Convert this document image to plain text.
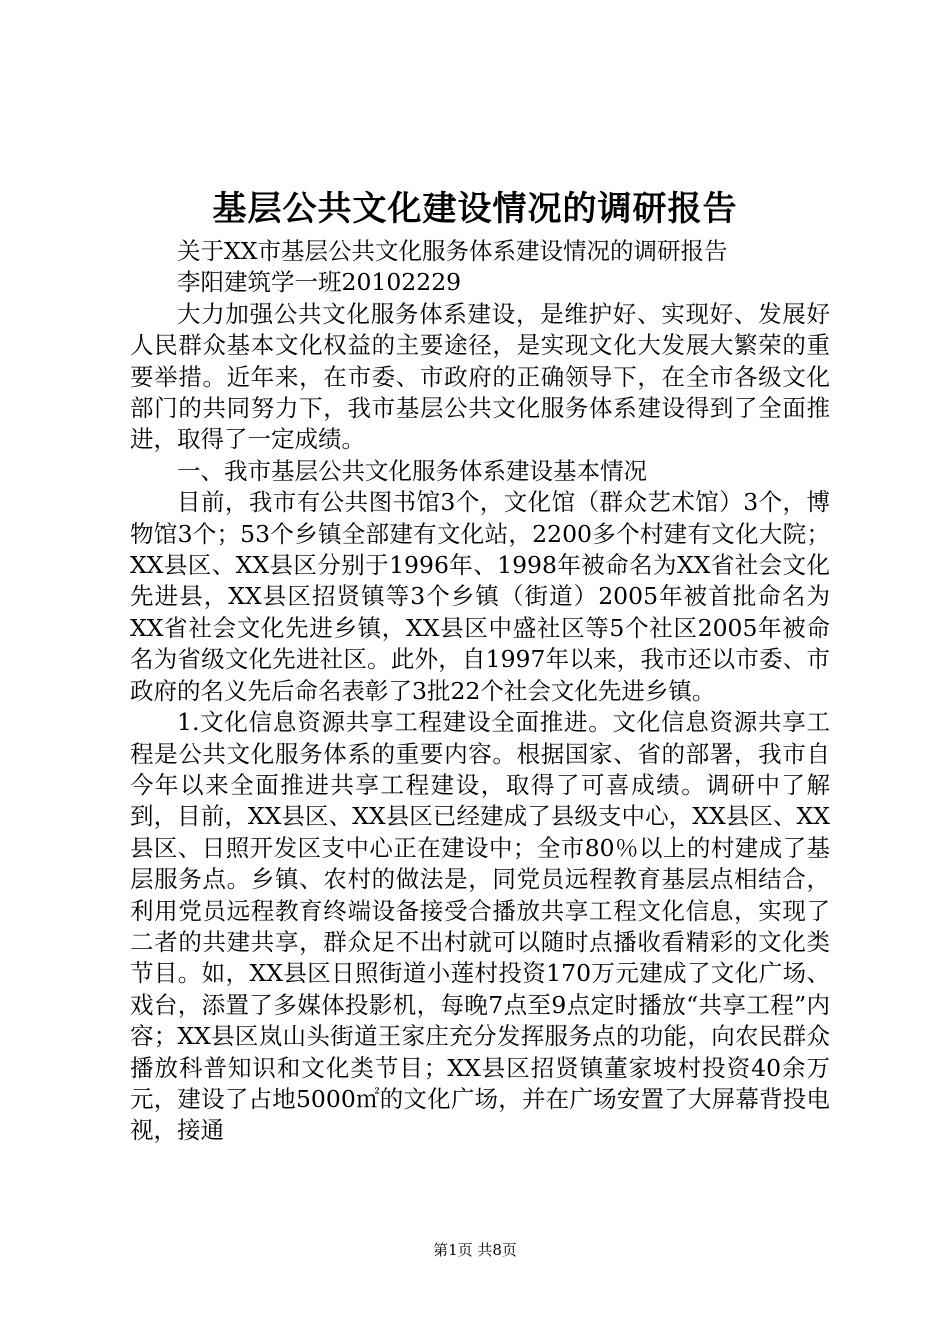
基层公共文化建设情况的调研报告

关于XX市基层公共文化服务体系建设情况的调研报告

李阳建筑学一班20102229

大力加强公共文化服务体系建设，是维护好、实现好、发展好人民群众基本文化权益的主要途径，是实现文化大发展大繁荣的重要举措。近年来，在市委、市政府的正确领导下，在全市各级文化部门的共同努力下，我市基层公共文化服务体系建设得到了全面推进，取得了一定成绩。

一、我市基层公共文化服务体系建设基本情况

目前，我市有公共图书馆3个，文化馆（群众艺术馆）3个，博物馆3个；53个乡镇全部建有文化站，2200多个村建有文化大院；XX县区、XX县区分别于1996年、1998年被命名为XX省社会文化先进县，XX县区招贤镇等3个乡镇（街道）2005年被首批命名为XX省社会文化先进乡镇，XX县区中盛社区等5个社区2005年被命名为省级文化先进社区。此外，自1997年以来，我市还以市委、市政府的名义先后命名表彰了3批22个社会文化先进乡镇。

1.文化信息资源共享工程建设全面推进。文化信息资源共享工程是公共文化服务体系的重要内容。根据国家、省的部署，我市自今年以来全面推进共享工程建设，取得了可喜成绩。调研中了解到，目前，XX县区、XX县区已经建成了县级支中心，XX县区、XX县区、日照开发区支中心正在建设中；全市80％以上的村建成了基层服务点。乡镇、农村的做法是，同党员远程教育基层点相结合，利用党员远程教育终端设备接受合播放共享工程文化信息，实现了二者的共建共享，群众足不出村就可以随时点播收看精彩的文化类节目。如，XX县区日照街道小莲村投资170万元建成了文化广场、戏台，添置了多媒体投影机，每晚7点至9点定时播放“共享工程”内容；XX县区岚山头街道王家庄充分发挥服务点的功能，向农民群众播放科普知识和文化类节目；XX县区招贤镇董家坡村投资40余万元，建设了占地5000㎡的文化广场，并在广场安置了大屏幕背投电视，接通

第1页 共8页
